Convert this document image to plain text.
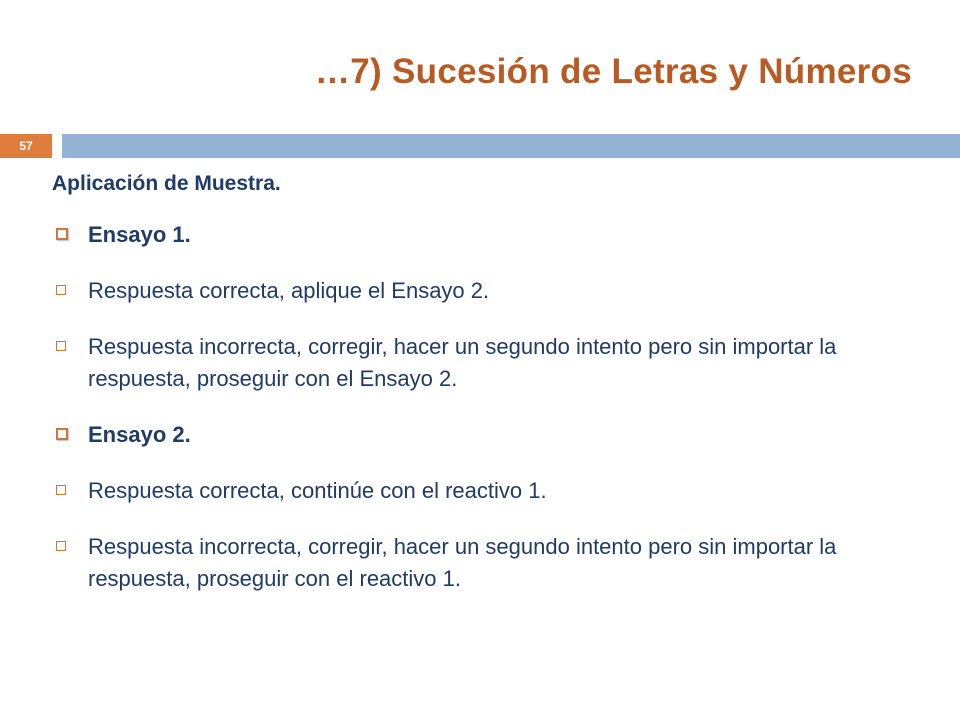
…7) Sucesión de Letras y Números
57

Aplicación de Muestra.

Ensayo 1.
Respuesta correcta, aplique el Ensayo 2.
Respuesta incorrecta, corregir, hacer un segundo intento pero sin importar la respuesta, proseguir con el Ensayo 2.
Ensayo 2.
Respuesta correcta, continúe con el reactivo 1.
Respuesta incorrecta, corregir, hacer un segundo intento pero sin importar la respuesta, proseguir con el reactivo 1.
